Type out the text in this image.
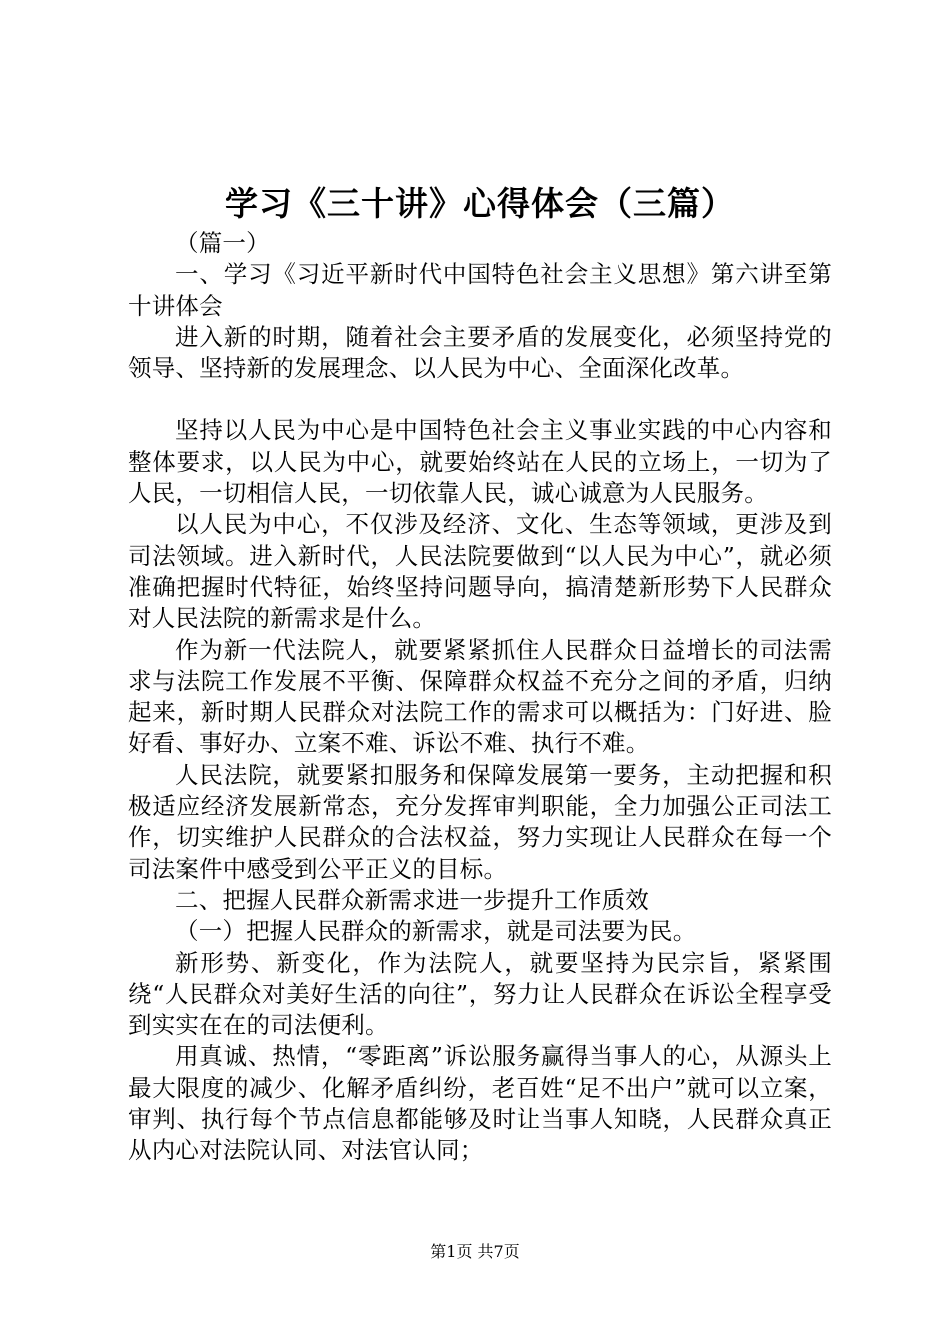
学习《三十讲》心得体会（三篇）

（篇一）

一、学习《习近平新时代中国特色社会主义思想》第六讲至第十讲体会

进入新的时期，随着社会主要矛盾的发展变化，必须坚持党的领导、坚持新的发展理念、以人民为中心、全面深化改革。

坚持以人民为中心是中国特色社会主义事业实践的中心内容和整体要求，以人民为中心，就要始终站在人民的立场上，一切为了人民，一切相信人民，一切依靠人民，诚心诚意为人民服务。

以人民为中心，不仅涉及经济、文化、生态等领域，更涉及到司法领域。进入新时代，人民法院要做到“以人民为中心”，就必须准确把握时代特征，始终坚持问题导向，搞清楚新形势下人民群众对人民法院的新需求是什么。

作为新一代法院人，就要紧紧抓住人民群众日益增长的司法需求与法院工作发展不平衡、保障群众权益不充分之间的矛盾，归纳起来，新时期人民群众对法院工作的需求可以概括为：门好进、脸好看、事好办、立案不难、诉讼不难、执行不难。

人民法院，就要紧扣服务和保障发展第一要务，主动把握和积极适应经济发展新常态，充分发挥审判职能，全力加强公正司法工作，切实维护人民群众的合法权益，努力实现让人民群众在每一个司法案件中感受到公平正义的目标。

二、把握人民群众新需求进一步提升工作质效

（一）把握人民群众的新需求，就是司法要为民。

新形势、新变化，作为法院人，就要坚持为民宗旨，紧紧围绕“人民群众对美好生活的向往”，努力让人民群众在诉讼全程享受到实实在在的司法便利。

用真诚、热情，“零距离”诉讼服务赢得当事人的心，从源头上最大限度的减少、化解矛盾纠纷，老百姓“足不出户”就可以立案，审判、执行每个节点信息都能够及时让当事人知晓，人民群众真正从内心对法院认同、对法官认同；

第1页 共7页
